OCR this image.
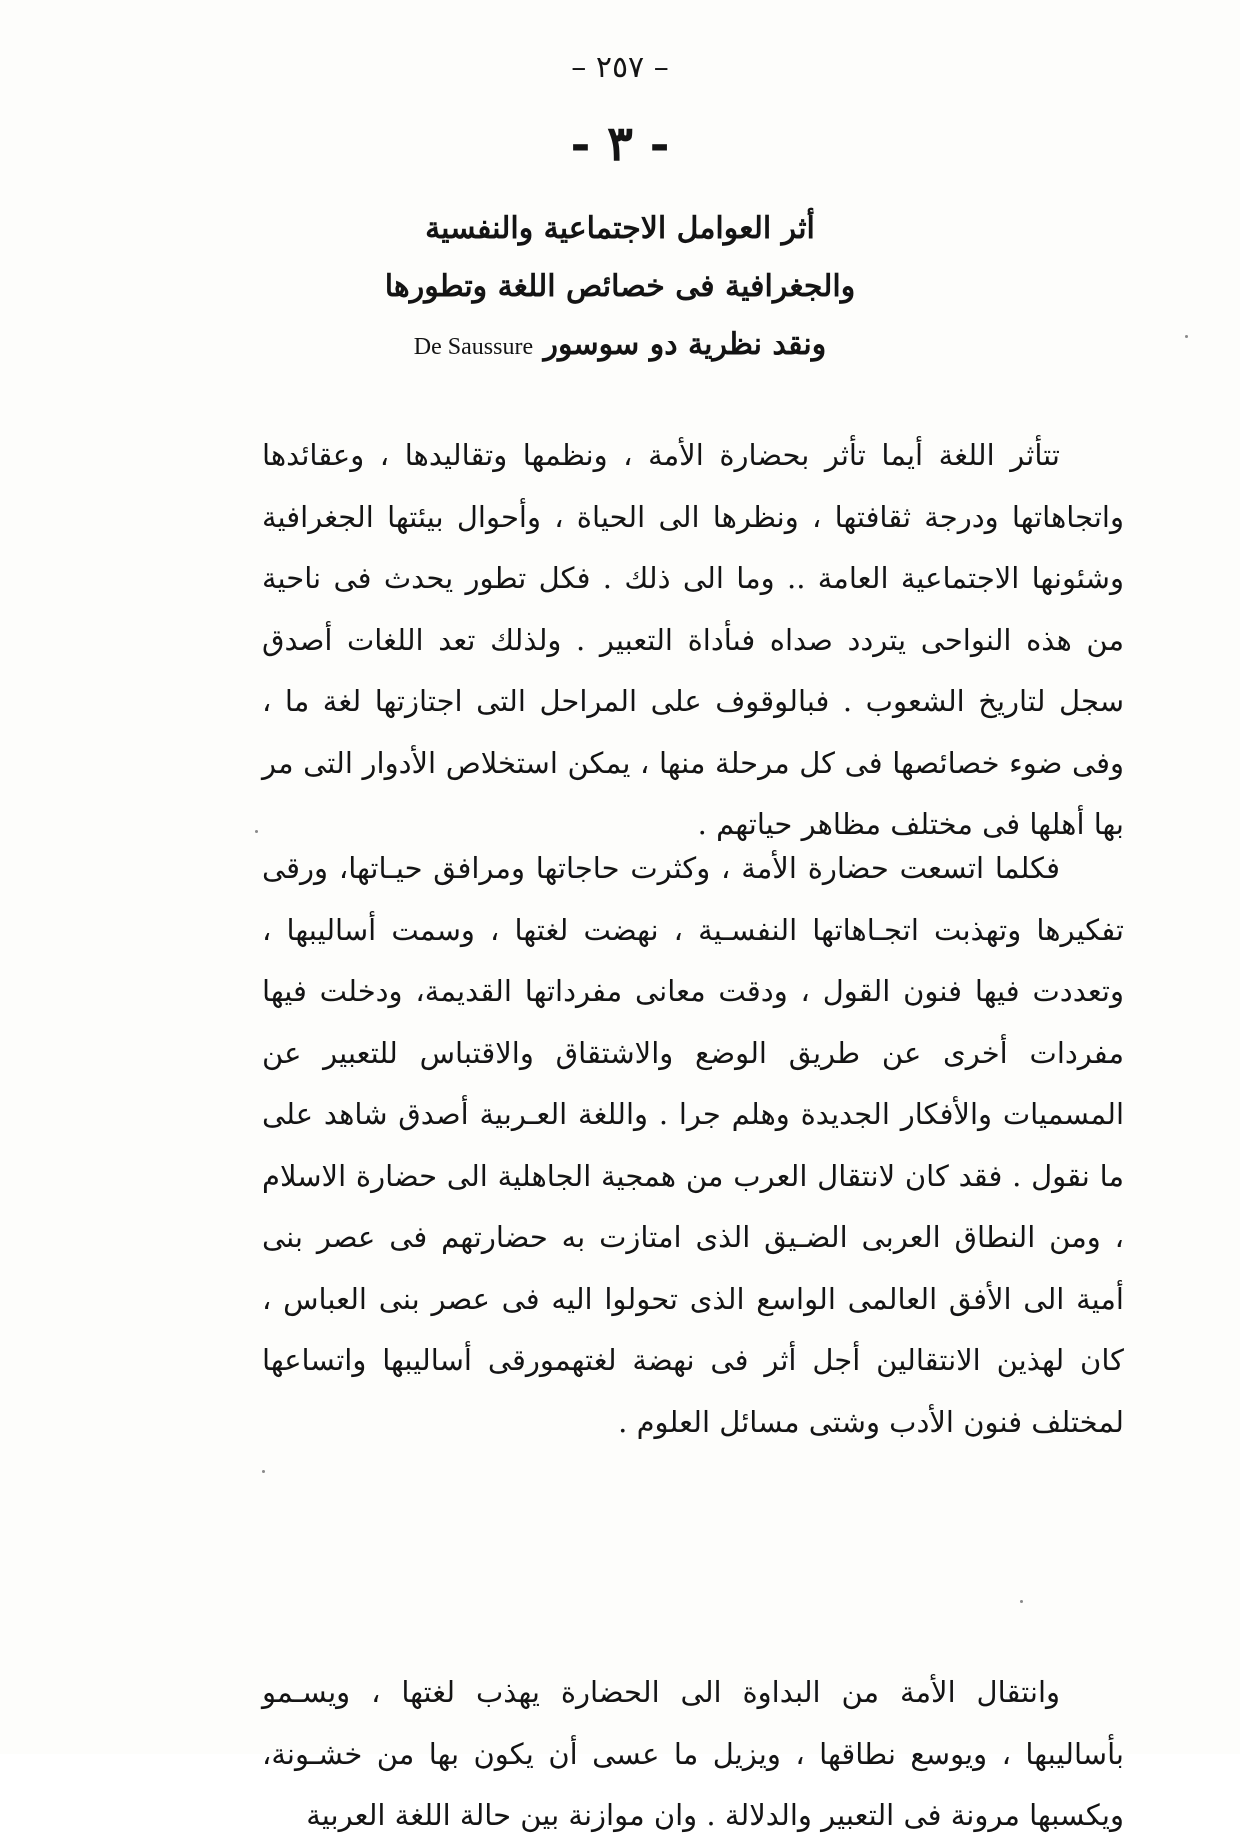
– ٢٥٧ –
- ٣ -
أثر العوامل الاجتماعية والنفسية
والجغرافية فى خصائص اللغة وتطورها
ونقد نظرية دو سوسور De Saussure

تتأثر اللغة أيما تأثر بحضارة الأمة ، ونظمها وتقاليدها ، وعقائدها واتجاهاتها ودرجة ثقافتها ، ونظرها الى الحياة ، وأحوال بيئتها الجغرافية وشئونها الاجتماعية العامة .. وما الى ذلك . فكل تطور يحدث فى ناحية من هذه النواحى يتردد صداه فىأداة التعبير . ولذلك تعد اللغات أصدق سجل لتاريخ الشعوب . فبالوقوف على المراحل التى اجتازتها لغة ما ، وفى ضوء خصائصها فى كل مرحلة منها ، يمكن استخلاص الأدوار التى مر بها أهلها فى مختلف مظاهر حياتهم .

فكلما اتسعت حضارة الأمة ، وكثرت حاجاتها ومرافق حيـاتها، ورقى تفكيرها وتهذبت اتجـاهاتها النفسـية ، نهضت لغتها ، وسمت أساليبها ، وتعددت فيها فنون القول ، ودقت معانى مفرداتها القديمة، ودخلت فيها مفردات أخرى عن طريق الوضع والاشتقاق والاقتباس للتعبير عن المسميات والأفكار الجديدة وهلم جرا . واللغة العـربية أصدق شاهد على ما نقول . فقد كان لانتقال العرب من همجية الجاهلية الى حضارة الاسلام ، ومن النطاق العربى الضـيق الذى امتازت به حضارتهم فى عصر بنى أمية الى الأفق العالمى الواسع الذى تحولوا اليه فى عصر بنى العباس ، كان لهذين الانتقالين أجل أثر فى نهضة لغتهمورقى أساليبها واتساعها لمختلف فنون الأدب وشتى مسائل العلوم .

وانتقال الأمة من البداوة الى الحضارة يهذب لغتها ، ويسـمو بأساليبها ، ويوسع نطاقها ، ويزيل ما عسى أن يكون بها من خشـونة، ويكسبها مرونة فى التعبير والدلالة . وان موازنة بين حالة اللغة العربية
